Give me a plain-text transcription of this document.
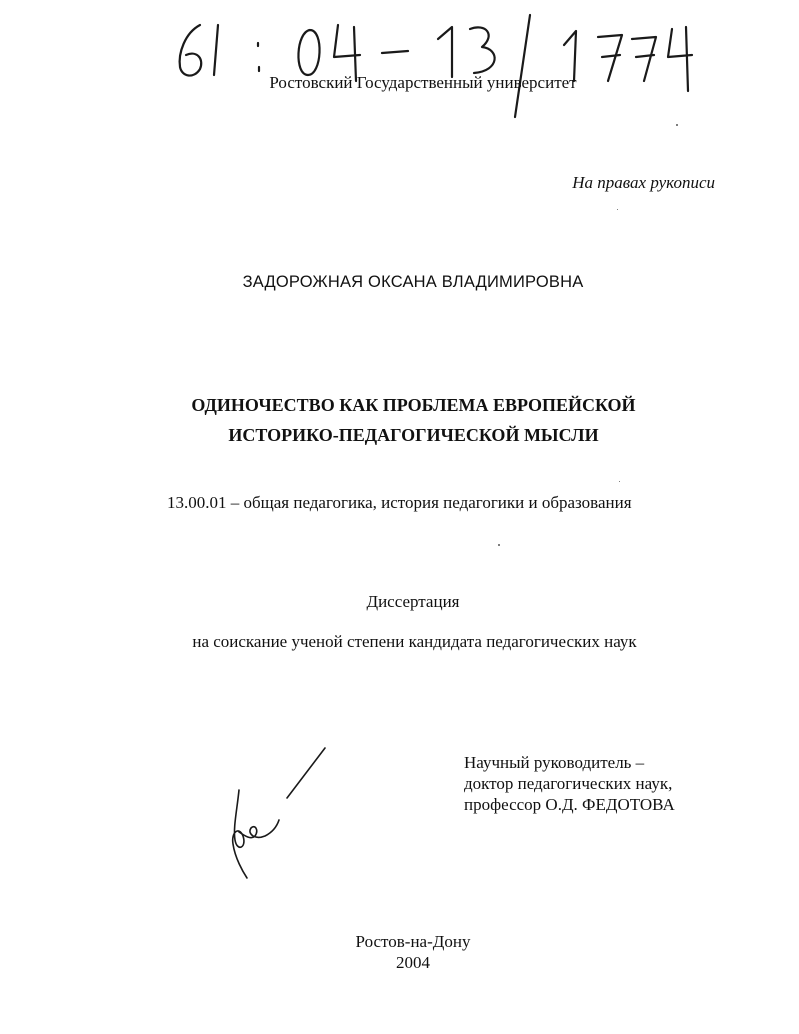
Ростовский Государственный университет
На правах рукописи
ЗАДОРОЖНАЯ ОКСАНА ВЛАДИМИРОВНА
ОДИНОЧЕСТВО КАК ПРОБЛЕМА ЕВРОПЕЙСКОЙ
ИСТОРИКО-ПЕДАГОГИЧЕСКОЙ МЫСЛИ
13.00.01 – общая педагогика, история педагогики и образования
Диссертация
на соискание ученой степени кандидата педагогических наук
Научный руководитель –
доктор педагогических наук,
профессор О.Д. ФЕДОТОВА
Ростов-на-Дону
2004
